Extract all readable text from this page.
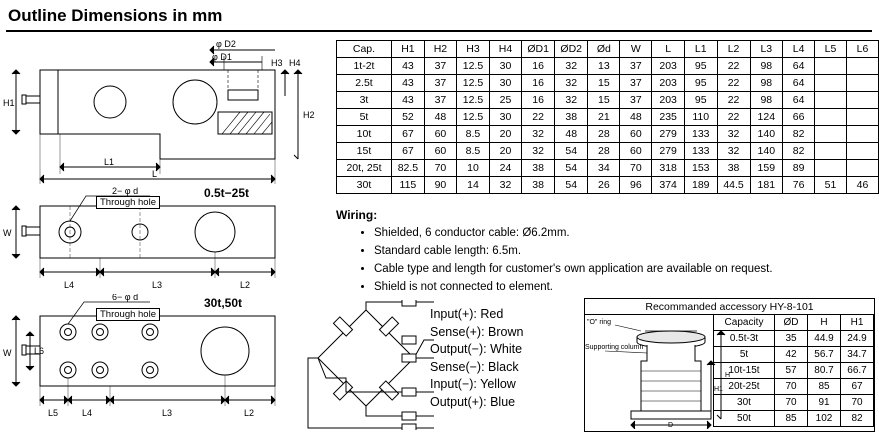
Outline Dimensions in mm
H1
H2
H3 H4
φ D1
φ D2
L1
L
W
2− φ d
L4	L3	L2
Through hole
0.5t−25t
W	L6
6− φ d
L5	L4	L3	L2
Through hole
30t,50t
Cap.	H1	H2	H3	H4	ØD1	ØD2	Ød	W	L	L1	L2	L3	L4	L5	L6
1t-2t	43	37	12.5	30	16	32	13	37	203	95	22	98	64		
2.5t	43	37	12.5	30	16	32	15	37	203	95	22	98	64		
3t	43	37	12.5	25	16	32	15	37	203	95	22	98	64		
5t	52	48	12.5	30	22	38	21	48	235	110	22	124	66		
10t	67	60	8.5	20	32	48	28	60	279	133	32	140	82		
15t	67	60	8.5	20	32	54	28	60	279	133	32	140	82		
20t, 25t	82.5	70	10	24	38	54	34	70	318	153	38	159	89		
30t	115	90	14	32	38	54	26	96	374	189	44.5	181	76	51	46
Wiring:
• Shielded, 6 conductor cable: Ø6.2mm.
• Standard cable length: 6.5m.
• Cable type and length for customer's own application are available on request.
• Shield is not connected to element.
Input(+): Red
Sense(+): Brown
Output(−): White
Sense(−): Black
Input(−): Yellow
Output(+): Blue
Recommanded accessory HY-8-101
"O" ring
Supporting column
H1
H
D
Capacity	ØD	H	H1
0.5t-3t	35	44.9	24.9
5t	42	56.7	34.7
10t-15t	57	80.7	66.7
20t-25t	70	85	67
30t	70	91	70
50t	85	102	82
